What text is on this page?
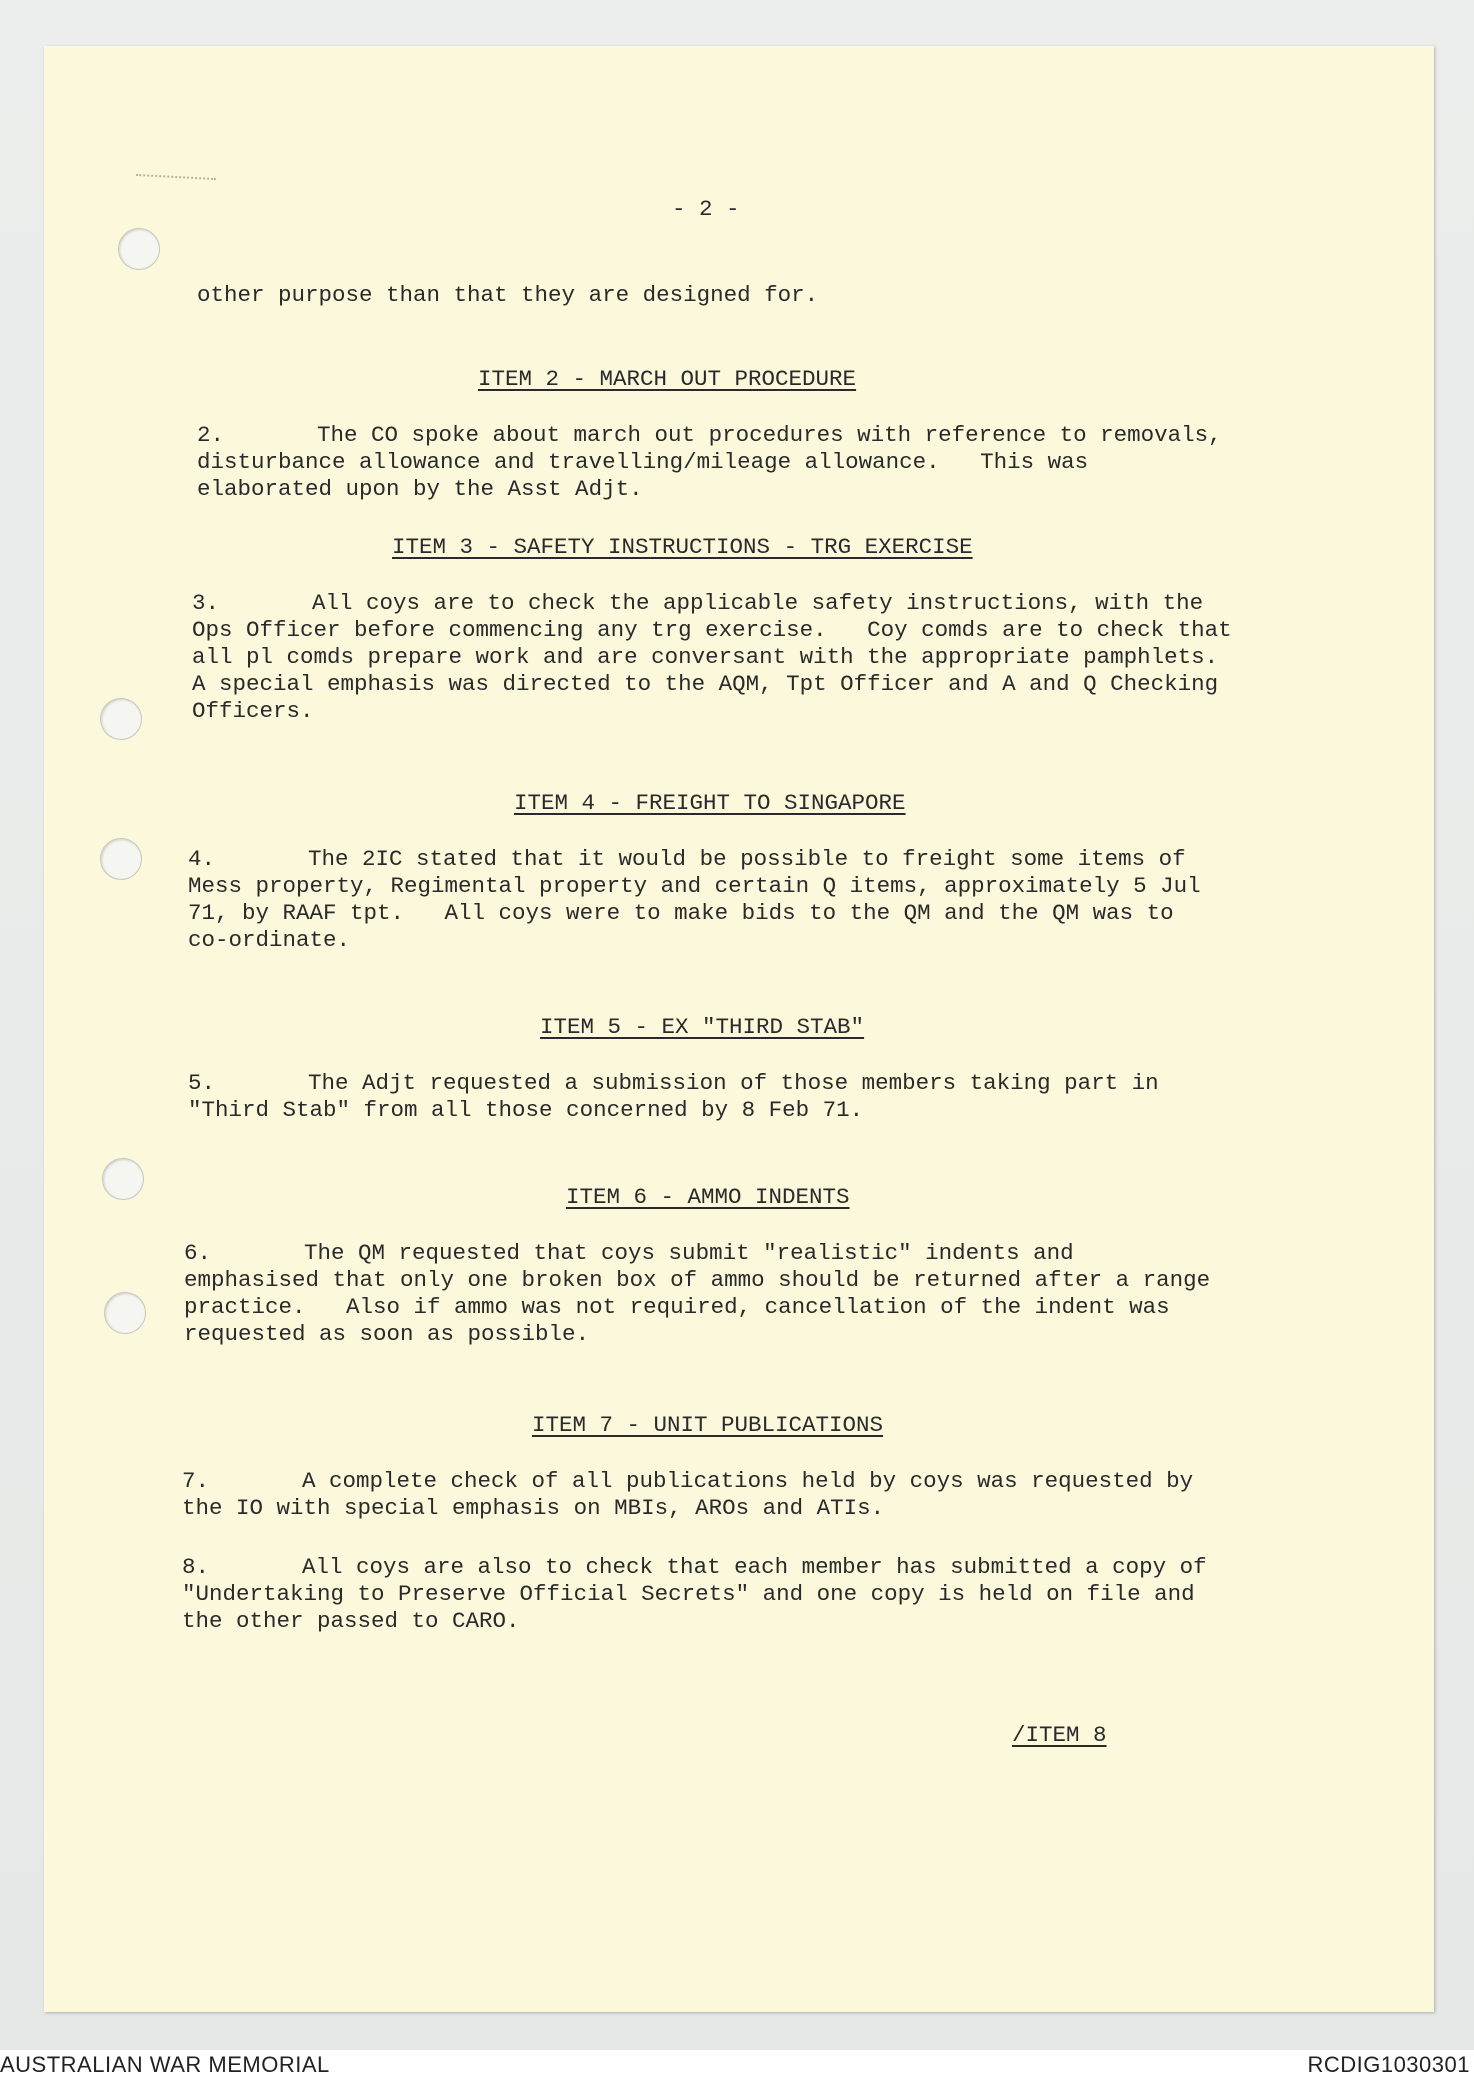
- 2 -
other purpose than that they are designed for.
ITEM 2 - MARCH OUT PROCEDURE
2.	The CO spoke about march out procedures with reference to removals,
disturbance allowance and travelling/mileage allowance.   This was
elaborated upon by the Asst Adjt.
ITEM 3 - SAFETY INSTRUCTIONS - TRG EXERCISE
3.	All coys are to check the applicable safety instructions, with the
Ops Officer before commencing any trg exercise.   Coy comds are to check that
all pl comds prepare work and are conversant with the appropriate pamphlets.
A special emphasis was directed to the AQM, Tpt Officer and A and Q Checking
Officers.
ITEM 4 - FREIGHT TO SINGAPORE
4.	The 2IC stated that it would be possible to freight some items of
Mess property, Regimental property and certain Q items, approximately 5 Jul
71, by RAAF tpt.   All coys were to make bids to the QM and the QM was to
co-ordinate.
ITEM 5 - EX "THIRD STAB"
5.	The Adjt requested a submission of those members taking part in
"Third Stab" from all those concerned by 8 Feb 71.
ITEM 6 - AMMO INDENTS
6.	The QM requested that coys submit "realistic" indents and
emphasised that only one broken box of ammo should be returned after a range
practice.   Also if ammo was not required, cancellation of the indent was
requested as soon as possible.
ITEM 7 - UNIT PUBLICATIONS
7.	A complete check of all publications held by coys was requested by
the IO with special emphasis on MBIs, AROs and ATIs.
8.	All coys are also to check that each member has submitted a copy of
"Undertaking to Preserve Official Secrets" and one copy is held on file and
the other passed to CARO.
/ITEM 8
AUSTRALIAN WAR MEMORIAL	RCDIG1030301
